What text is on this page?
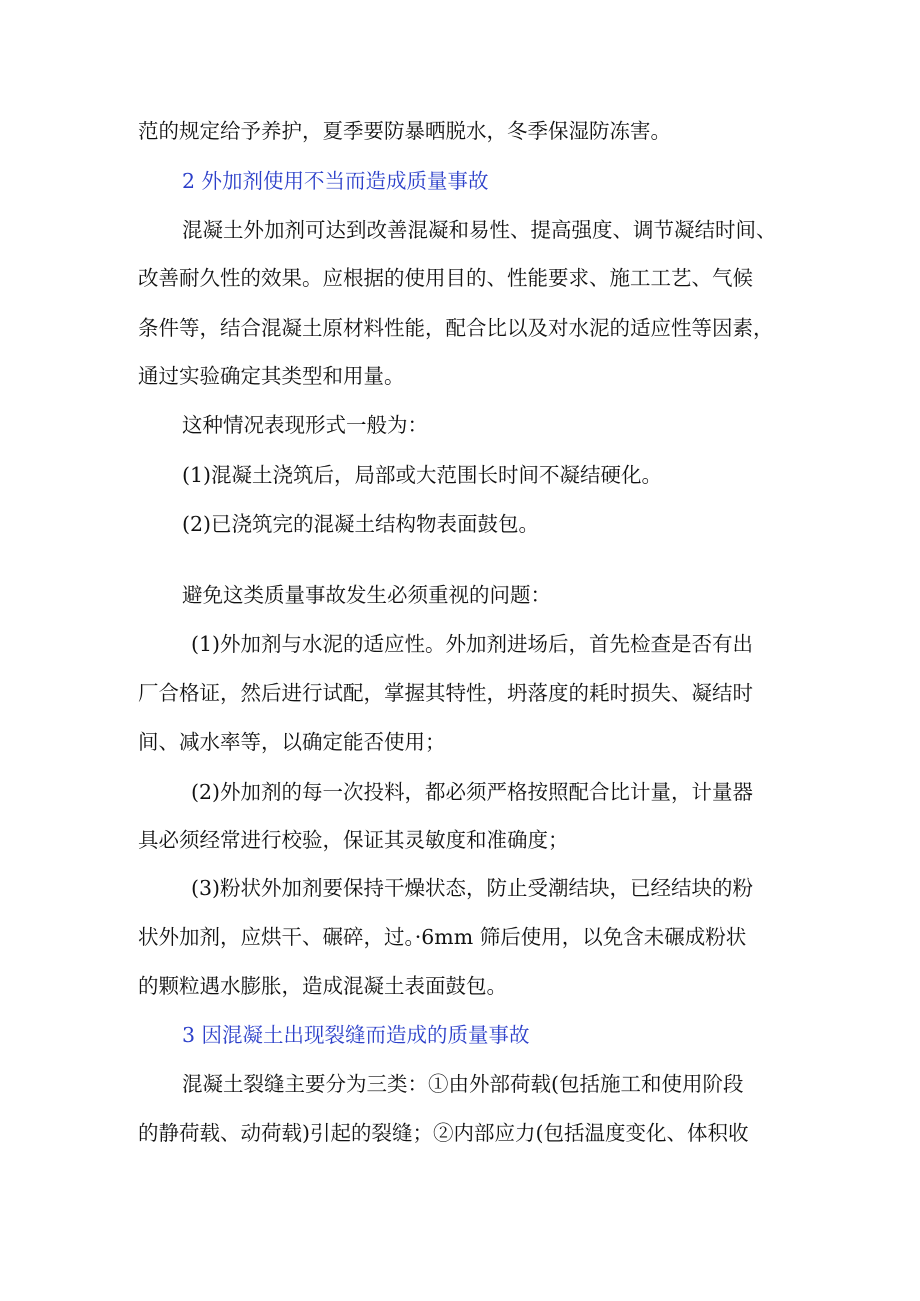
范的规定给予养护，夏季要防暴晒脱水，冬季保湿防冻害。
2 外加剂使用不当而造成质量事故
混凝土外加剂可达到改善混凝和易性、提高强度、调节凝结时间、
改善耐久性的效果。应根据的使用目的、性能要求、施工工艺、气候
条件等，结合混凝土原材料性能，配合比以及对水泥的适应性等因素，
通过实验确定其类型和用量。
这种情况表现形式一般为：
(1)混凝土浇筑后，局部或大范围长时间不凝结硬化。
(2)已浇筑完的混凝土结构物表面鼓包。
避免这类质量事故发生必须重视的问题：
(1)外加剂与水泥的适应性。外加剂进场后，首先检查是否有出
厂合格证，然后进行试配，掌握其特性，坍落度的耗时损失、凝结时
间、减水率等，以确定能否使用；
(2)外加剂的每一次投料，都必须严格按照配合比计量，计量器
具必须经常进行校验，保证其灵敏度和准确度；
(3)粉状外加剂要保持干燥状态，防止受潮结块，已经结块的粉
状外加剂，应烘干、碾碎，过。·6mm 筛后使用，以免含未碾成粉状
的颗粒遇水膨胀，造成混凝土表面鼓包。
3 因混凝土出现裂缝而造成的质量事故
混凝土裂缝主要分为三类：①由外部荷载(包括施工和使用阶段
的静荷载、动荷载)引起的裂缝；②内部应力(包括温度变化、体积收
